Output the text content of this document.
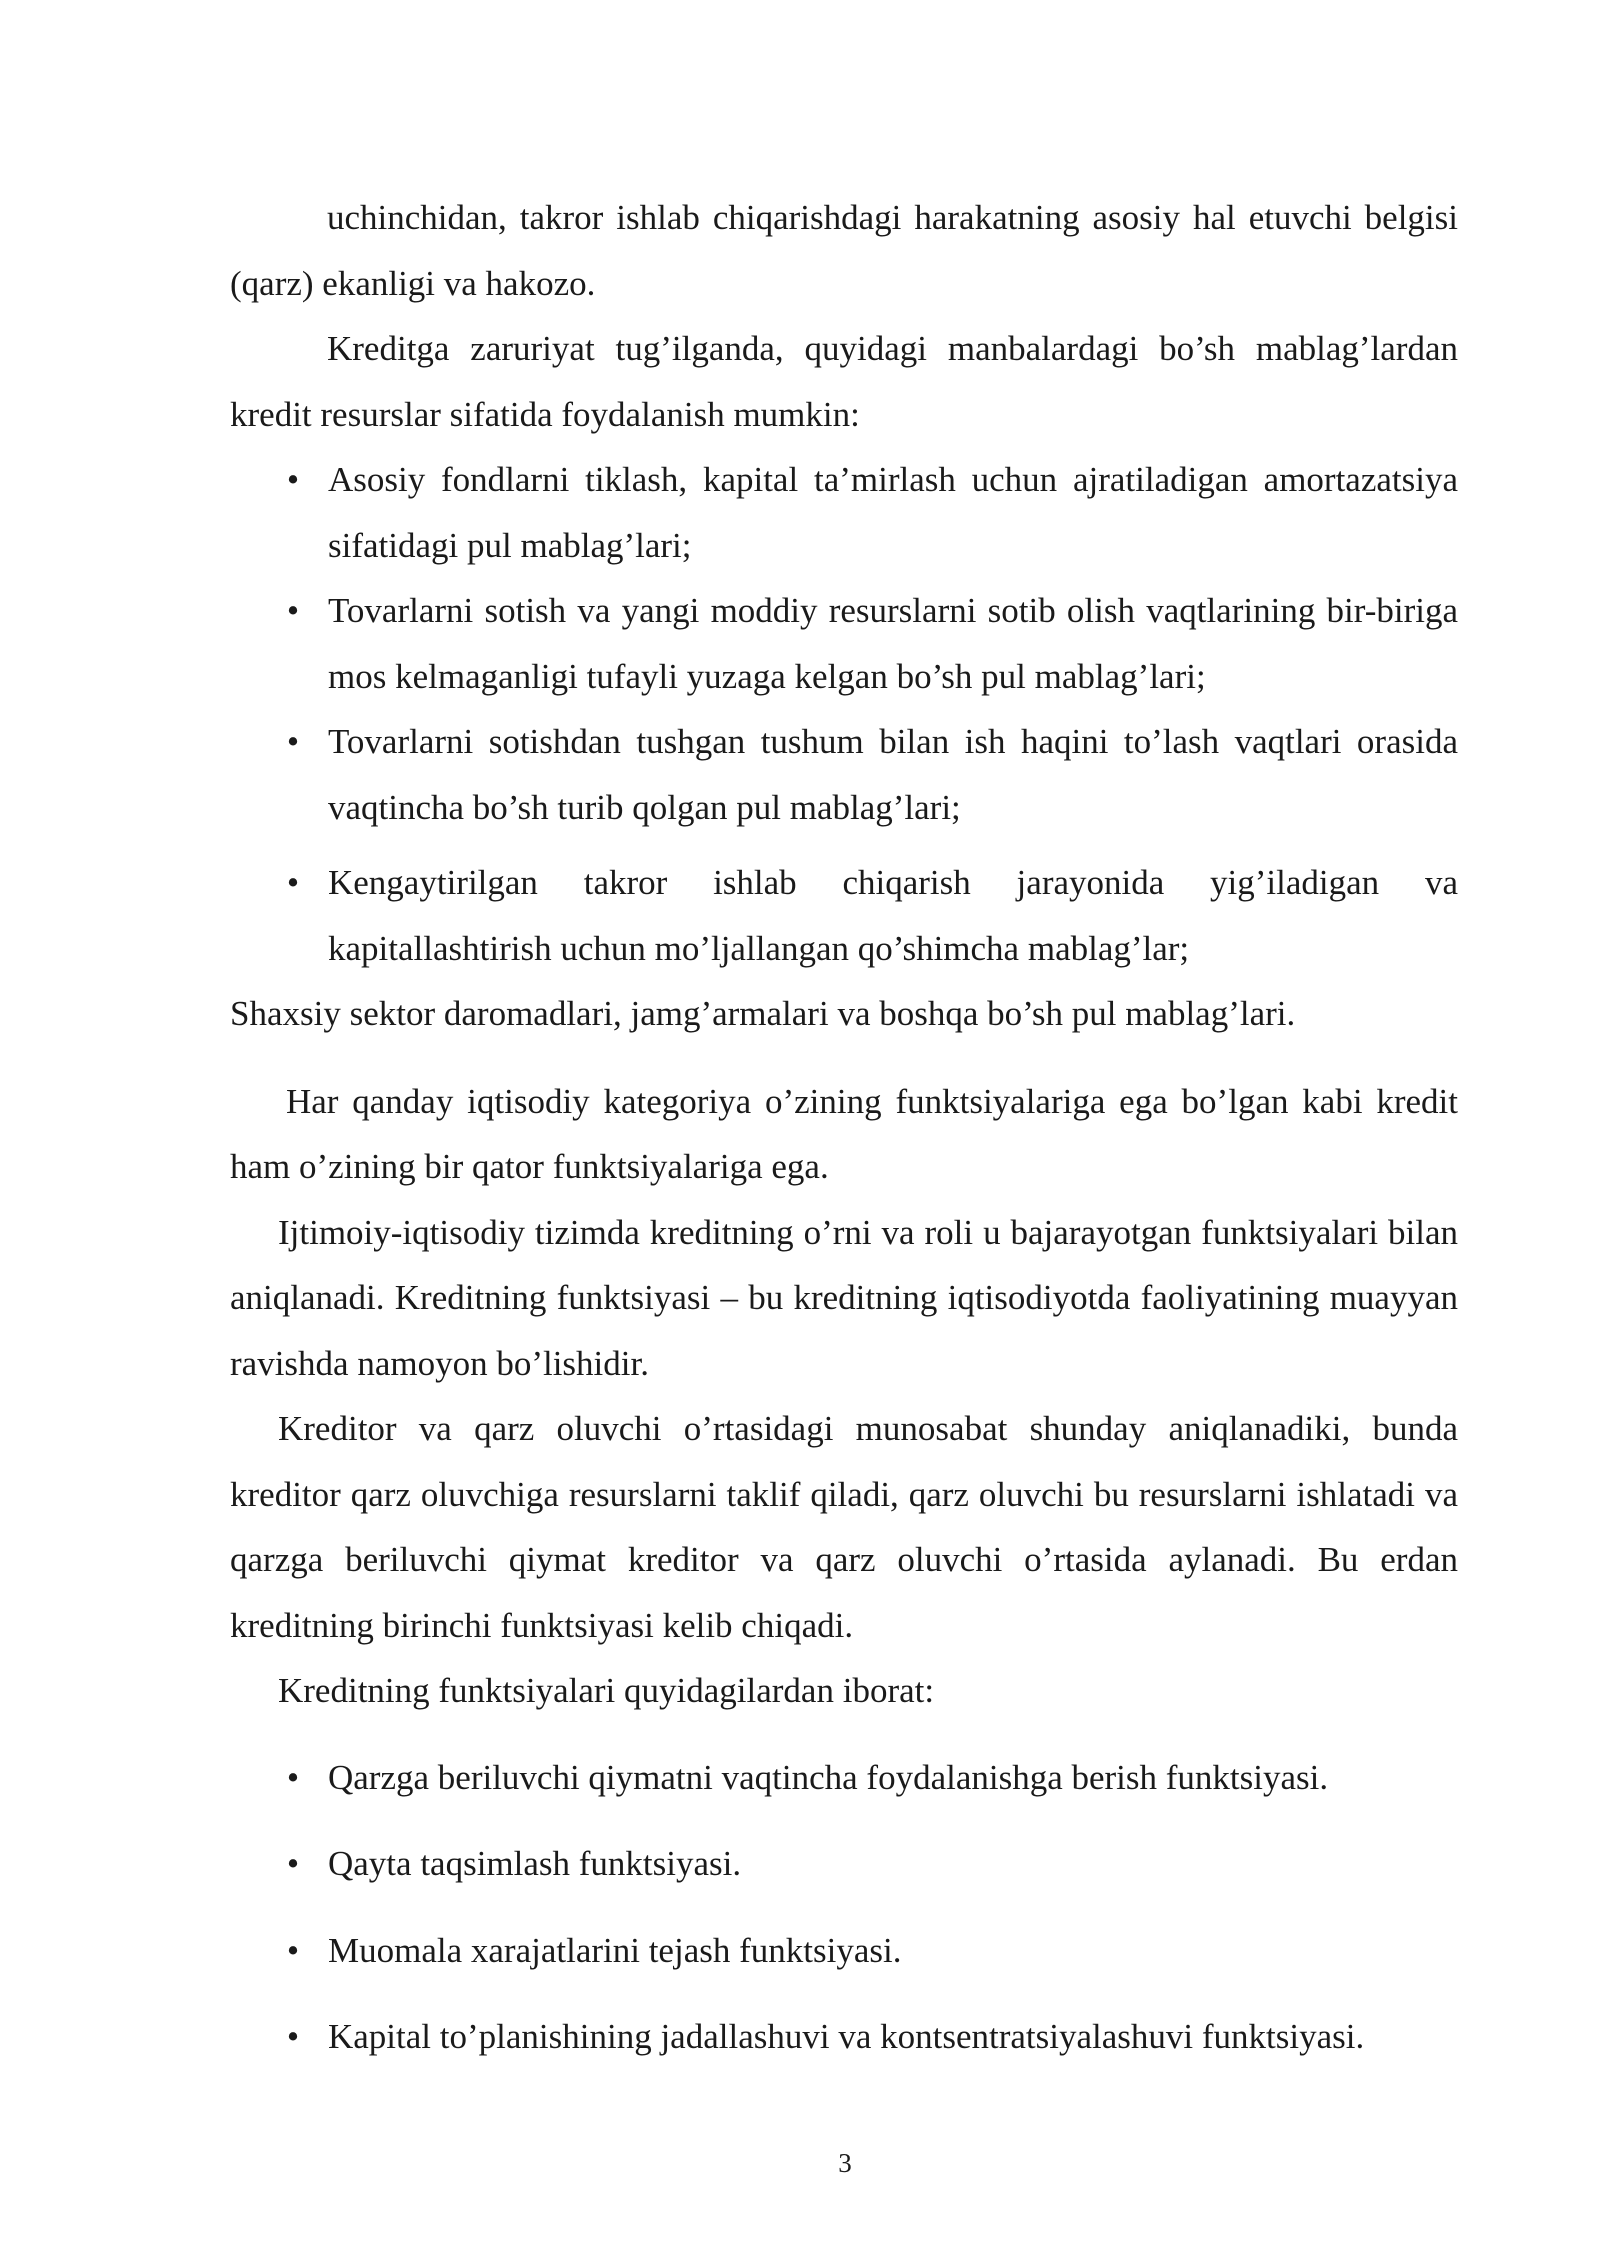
uchinchidan, takror ishlab chiqarishdagi harakatning asosiy hal etuvchi belgisi (qarz) ekanligi va hakozo.

Kreditga zaruriyat tug’ilganda, quyidagi manbalardagi bo’sh mablag’lardan kredit resurslar sifatida foydalanish mumkin:

• Asosiy fondlarni tiklash, kapital ta’mirlash uchun ajratiladigan amortazatsiya sifatidagi pul mablag’lari;
• Tovarlarni sotish va yangi moddiy resurslarni sotib olish vaqtlarining bir-biriga mos kelmaganligi tufayli yuzaga kelgan bo’sh pul mablag’lari;
• Tovarlarni sotishdan tushgan tushum bilan ish haqini to’lash vaqtlari orasida vaqtincha bo’sh turib qolgan pul mablag’lari;
• Kengaytirilgan takror ishlab chiqarish jarayonida yig’iladigan va kapitallashtirish uchun mo’ljallangan qo’shimcha mablag’lar;

Shaxsiy sektor daromadlari, jamg’armalari va boshqa bo’sh pul mablag’lari.

Har qanday iqtisodiy kategoriya o’zining funktsiyalariga ega bo’lgan kabi kredit ham o’zining bir qator funktsiyalariga ega.

Ijtimoiy-iqtisodiy tizimda kreditning o’rni va roli u bajarayotgan funktsiyalari bilan aniqlanadi. Kreditning funktsiyasi – bu kreditning iqtisodiyotda faoliyatining muayyan ravishda namoyon bo’lishidir.

Kreditor va qarz oluvchi o’rtasidagi munosabat shunday aniqlanadiki, bunda kreditor qarz oluvchiga resurslarni taklif qiladi, qarz oluvchi bu resurslarni ishlatadi va qarzga beriluvchi qiymat kreditor va qarz oluvchi o’rtasida aylanadi. Bu erdan kreditning birinchi funktsiyasi kelib chiqadi.

Kreditning funktsiyalari quyidagilardan iborat:

• Qarzga beriluvchi qiymatni vaqtincha foydalanishga berish funktsiyasi.
• Qayta taqsimlash funktsiyasi.
• Muomala xarajatlarini tejash funktsiyasi.
• Kapital to’planishining jadallashuvi va kontsentratsiyalashuvi funktsiyasi.
3
